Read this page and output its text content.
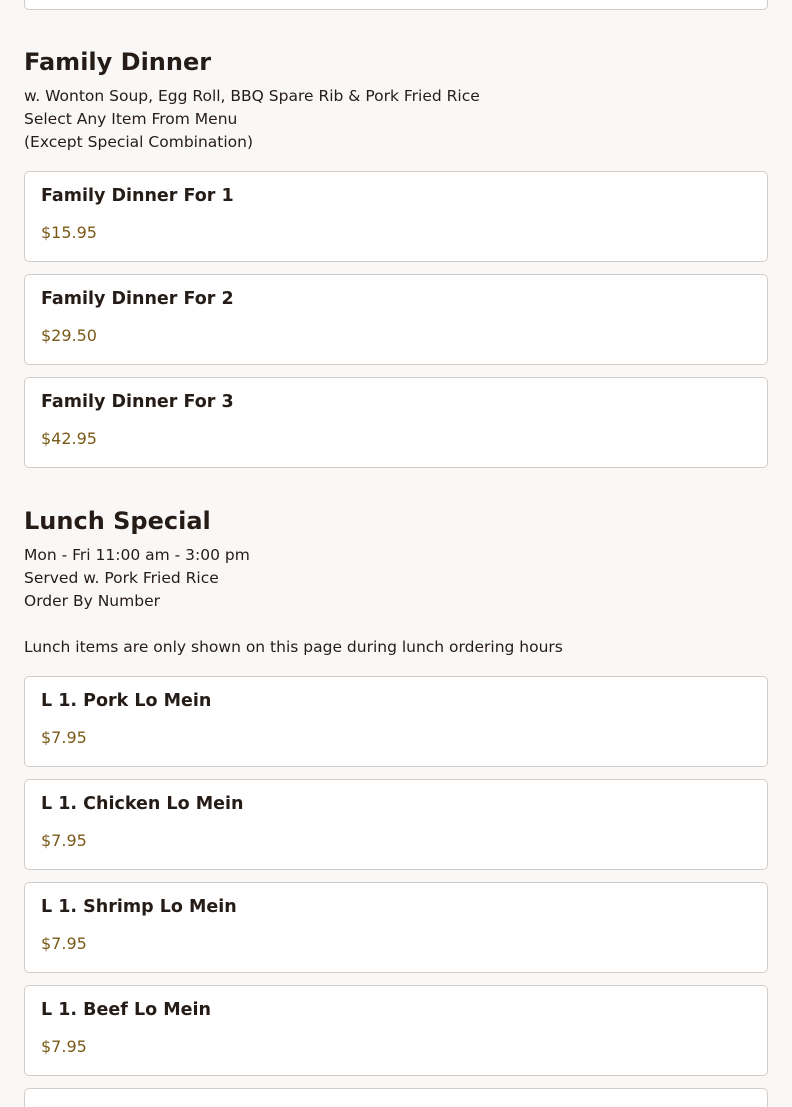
Family Dinner
w. Wonton Soup, Egg Roll, BBQ Spare Rib & Pork Fried Rice
Select Any Item From Menu
(Except Special Combination)
Family Dinner For 1
$15.95
Family Dinner For 2
$29.50
Family Dinner For 3
$42.95
Lunch Special
Mon - Fri 11:00 am - 3:00 pm
Served w. Pork Fried Rice
Order By Number
Lunch items are only shown on this page during lunch ordering hours
L 1. Pork Lo Mein
$7.95
L 1. Chicken Lo Mein
$7.95
L 1. Shrimp Lo Mein
$7.95
L 1. Beef Lo Mein
$7.95
